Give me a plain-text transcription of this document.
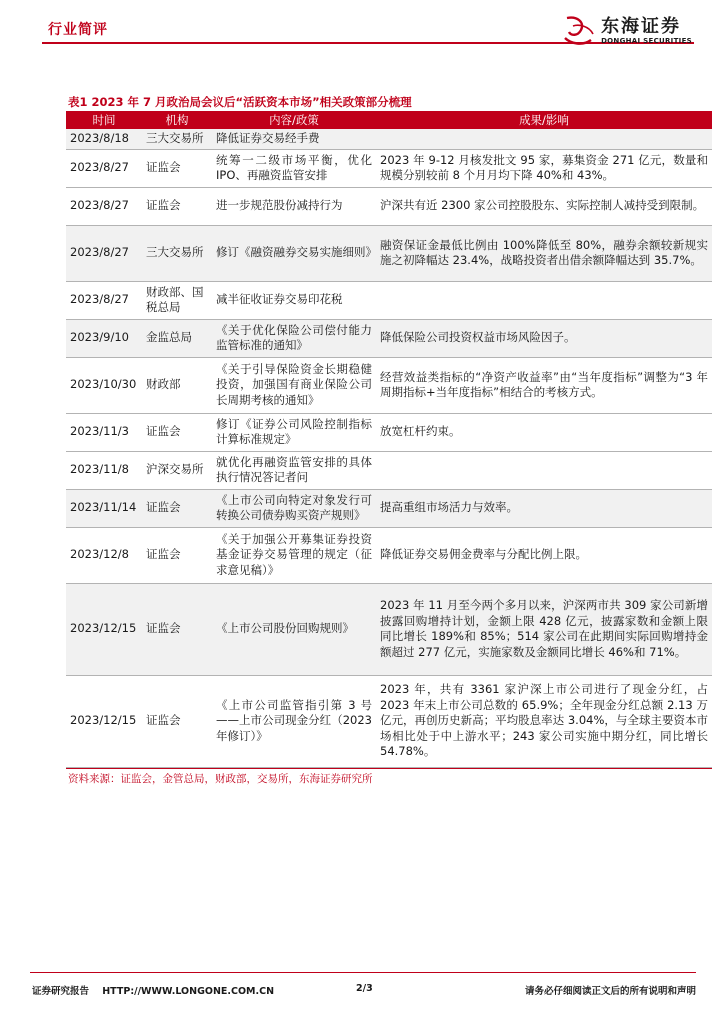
行业简评	东海证券
DONGHAI SECURITIES
表1 2023 年 7 月政治局会议后“活跃资本市场”相关政策部分梳理
时间	机构	内容/政策	成果/影响
2023/8/18	三大交易所	降低证券交易经手费	
2023/8/27	证监会	统筹一二级市场平衡，优化 IPO、再融资监管安排	2023 年 9-12 月核发批文 95 家，募集资金 271 亿元，数量和规模分别较前 8 个月月均下降 40%和 43%。
2023/8/27	证监会	进一步规范股份减持行为	沪深共有近 2300 家公司控股股东、实际控制人减持受到限制。
2023/8/27	三大交易所	修订《融资融券交易实施细则》	融资保证金最低比例由 100%降低至 80%，融券余额较新规实施之初降幅达 23.4%，战略投资者出借余额降幅达到 35.7%。
2023/8/27	财政部、国税总局	减半征收证券交易印花税	
2023/9/10	金监总局	《关于优化保险公司偿付能力监管标准的通知》	降低保险公司投资权益市场风险因子。
2023/10/30	财政部	《关于引导保险资金长期稳健投资，加强国有商业保险公司长周期考核的通知》	经营效益类指标的“净资产收益率”由“当年度指标”调整为“3 年周期指标+当年度指标”相结合的考核方式。
2023/11/3	证监会	修订《证券公司风险控制指标计算标准规定》	放宽杠杆约束。
2023/11/8	沪深交易所	就优化再融资监管安排的具体执行情况答记者问	
2023/11/14	证监会	《上市公司向特定对象发行可转换公司债券购买资产规则》	提高重组市场活力与效率。
2023/12/8	证监会	《关于加强公开募集证券投资基金证券交易管理的规定（征求意见稿）》	降低证券交易佣金费率与分配比例上限。
2023/12/15	证监会	《上市公司股份回购规则》	2023 年 11 月至今两个多月以来，沪深两市共 309 家公司新增披露回购增持计划，金额上限 428 亿元，披露家数和金额上限同比增长 189%和 85%；514 家公司在此期间实际回购增持金额超过 277 亿元，实施家数及金额同比增长 46%和 71%。
2023/12/15	证监会	《上市公司监管指引第 3 号——上市公司现金分红（2023 年修订）》	2023 年，共有 3361 家沪深上市公司进行了现金分红，占 2023 年末上市公司总数的 65.9%；全年现金分红总额 2.13 万亿元，再创历史新高；平均股息率达 3.04%，与全球主要资本市场相比处于中上游水平；243 家公司实施中期分红，同比增长 54.78%。
资料来源：证监会，金管总局，财政部，交易所，东海证券研究所
证券研究报告    HTTP://WWW.LONGONE.COM.CN	2/3	请务必仔细阅读正文后的所有说明和声明
